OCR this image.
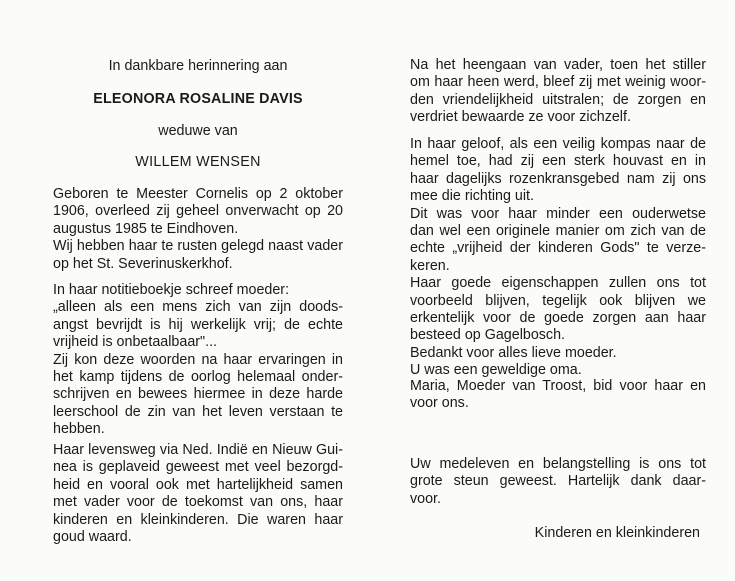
In dankbare herinnering aan
ELEONORA ROSALINE DAVIS
weduwe van
WILLEM WENSEN
Geboren te Meester Cornelis op 2 oktober
1906, overleed zij geheel onverwacht op 20
augustus 1985 te Eindhoven.
Wij hebben haar te rusten gelegd naast vader
op het St. Severinuskerkhof.
In haar notitieboekje schreef moeder:
„alleen als een mens zich van zijn doods-
angst bevrijdt is hij werkelijk vrij; de echte
vrijheid is onbetaalbaar"...
Zij kon deze woorden na haar ervaringen in
het kamp tijdens de oorlog helemaal onder-
schrijven en bewees hiermee in deze harde
leerschool de zin van het leven verstaan te
hebben.
Haar levensweg via Ned. Indië en Nieuw Gui-
nea is geplaveid geweest met veel bezorgd-
heid en vooral ook met hartelijkheid samen
met vader voor de toekomst van ons, haar
kinderen en kleinkinderen. Die waren haar
goud waard.
Na het heengaan van vader, toen het stiller
om haar heen werd, bleef zij met weinig woor-
den vriendelijkheid uitstralen; de zorgen en
verdriet bewaarde ze voor zichzelf.
In haar geloof, als een veilig kompas naar de
hemel toe, had zij een sterk houvast en in
haar dagelijks rozenkransgebed nam zij ons
mee die richting uit.
Dit was voor haar minder een ouderwetse
dan wel een originele manier om zich van de
echte „vrijheid der kinderen Gods" te verze-
keren.
Haar goede eigenschappen zullen ons tot
voorbeeld blijven, tegelijk ook blijven we
erkentelijk voor de goede zorgen aan haar
besteed op Gagelbosch.
Bedankt voor alles lieve moeder.
U was een geweldige oma.
Maria, Moeder van Troost, bid voor haar en
voor ons.
Uw medeleven en belangstelling is ons tot
grote steun geweest. Hartelijk dank daar-
voor.
Kinderen en kleinkinderen
